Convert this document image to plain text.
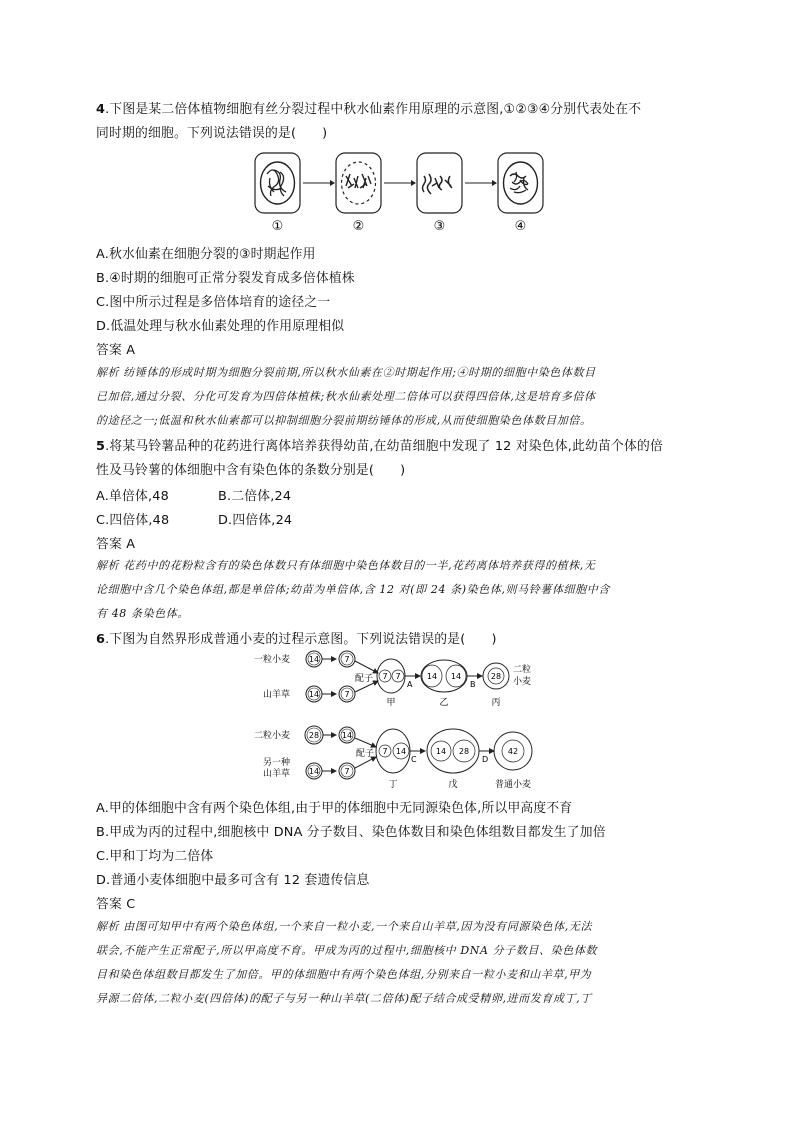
4.下图是某二倍体植物细胞有丝分裂过程中秋水仙素作用原理的示意图,①②③④分别代表处在不
同时期的细胞。下列说法错误的是(　　)
①	②	③	④
A.秋水仙素在细胞分裂的③时期起作用
B.④时期的细胞可正常分裂发育成多倍体植株
C.图中所示过程是多倍体培育的途径之一
D.低温处理与秋水仙素处理的作用原理相似
答案 A
解析 纺锤体的形成时期为细胞分裂前期,所以秋水仙素在②时期起作用;④时期的细胞中染色体数目
已加倍,通过分裂、分化可发育为四倍体植株;秋水仙素处理二倍体可以获得四倍体,这是培育多倍体
的途径之一;低温和秋水仙素都可以抑制细胞分裂前期纺锤体的形成,从而使细胞染色体数目加倍。
5.将某马铃薯品种的花药进行离体培养获得幼苗,在幼苗细胞中发现了 12 对染色体,此幼苗个体的倍
性及马铃薯的体细胞中含有染色体的条数分别是(　　)
A.单倍体,48	B.二倍体,24
C.四倍体,48	D.四倍体,24
答案 A
解析 花药中的花粉粒含有的染色体数只有体细胞中染色体数目的一半,花药离体培养获得的植株,无
论细胞中含几个染色体组,都是单倍体;幼苗为单倍体,含 12 对(即 24 条)染色体,则马铃薯体细胞中含
有 48 条染色体。
6.下图为自然界形成普通小麦的过程示意图。下列说法错误的是(　　)
一粒小麦 14	7
山羊草 14	7
配子 7 7
A
14 14
B
28
二粒
小麦
甲	乙	丙
二粒小麦 28	14
另一种
山羊草 14	7
配子 7 14
C
14 28
D
42
丁	戊	普通小麦
A.甲的体细胞中含有两个染色体组,由于甲的体细胞中无同源染色体,所以甲高度不育
B.甲成为丙的过程中,细胞核中 DNA 分子数目、染色体数目和染色体组数目都发生了加倍
C.甲和丁均为二倍体
D.普通小麦体细胞中最多可含有 12 套遗传信息
答案 C
解析 由图可知甲中有两个染色体组,一个来自一粒小麦,一个来自山羊草,因为没有同源染色体,无法
联会,不能产生正常配子,所以甲高度不育。甲成为丙的过程中,细胞核中 DNA 分子数目、染色体数
目和染色体组数目都发生了加倍。甲的体细胞中有两个染色体组,分别来自一粒小麦和山羊草,甲为
异源二倍体,二粒小麦(四倍体)的配子与另一种山羊草(二倍体)配子结合成受精卵,进而发育成丁,丁
